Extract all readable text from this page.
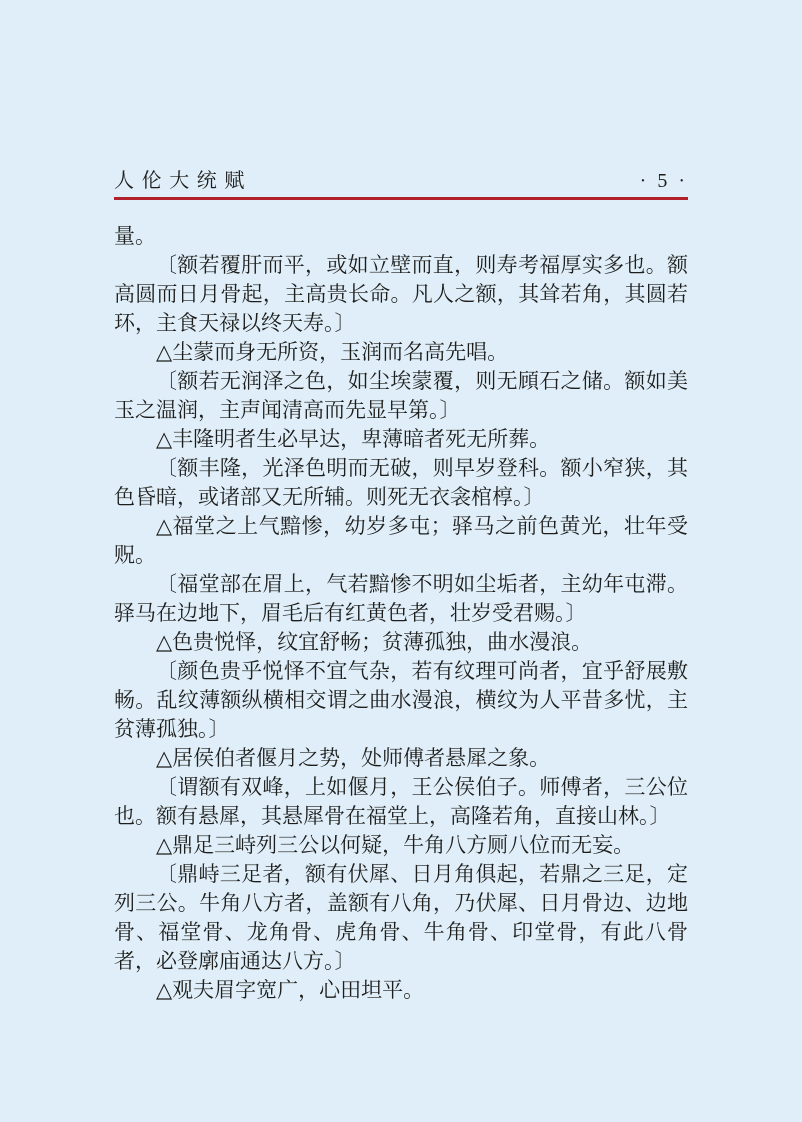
人伦大统赋	· 5 ·

量。

〔额若覆肝而平，或如立壁而直，则寿考福厚实多也。额高圆而日月骨起，主高贵长命。凡人之额，其耸若角，其圆若环，主食天禄以终天寿。〕

△尘蒙而身无所资，玉润而名高先唱。

〔额若无润泽之色，如尘埃蒙覆，则无頋石之储。额如美玉之温润，主声闻清高而先显早第。〕

△丰隆明者生必早达，卑薄暗者死无所葬。

〔额丰隆，光泽色明而无破，则早岁登科。额小窄狭，其色昏暗，或诸部又无所辅。则死无衣衾棺椁。〕

△福堂之上气黯惨，幼岁多屯；驿马之前色黄光，壮年受贶。

〔福堂部在眉上，气若黯惨不明如尘垢者，主幼年屯滞。驿马在边地下，眉毛后有红黄色者，壮岁受君赐。〕

△色贵悦怿，纹宜舒畅；贫薄孤独，曲水漫浪。

〔颜色贵乎悦怿不宜气杂，若有纹理可尚者，宜乎舒展敷畅。乱纹薄额纵横相交谓之曲水漫浪，横纹为人平昔多忧，主贫薄孤独。〕

△居侯伯者偃月之势，处师傅者悬犀之象。

〔谓额有双峰，上如偃月，王公侯伯子。师傅者，三公位也。额有悬犀，其悬犀骨在福堂上，高隆若角，直接山林。〕

△鼎足三峙列三公以何疑，牛角八方厕八位而无妄。

〔鼎峙三足者，额有伏犀、日月角俱起，若鼎之三足，定列三公。牛角八方者，盖额有八角，乃伏犀、日月骨边、边地骨、福堂骨、龙角骨、虎角骨、牛角骨、印堂骨，有此八骨者，必登廓庙通达八方。〕

△观夫眉字宽广，心田坦平。
